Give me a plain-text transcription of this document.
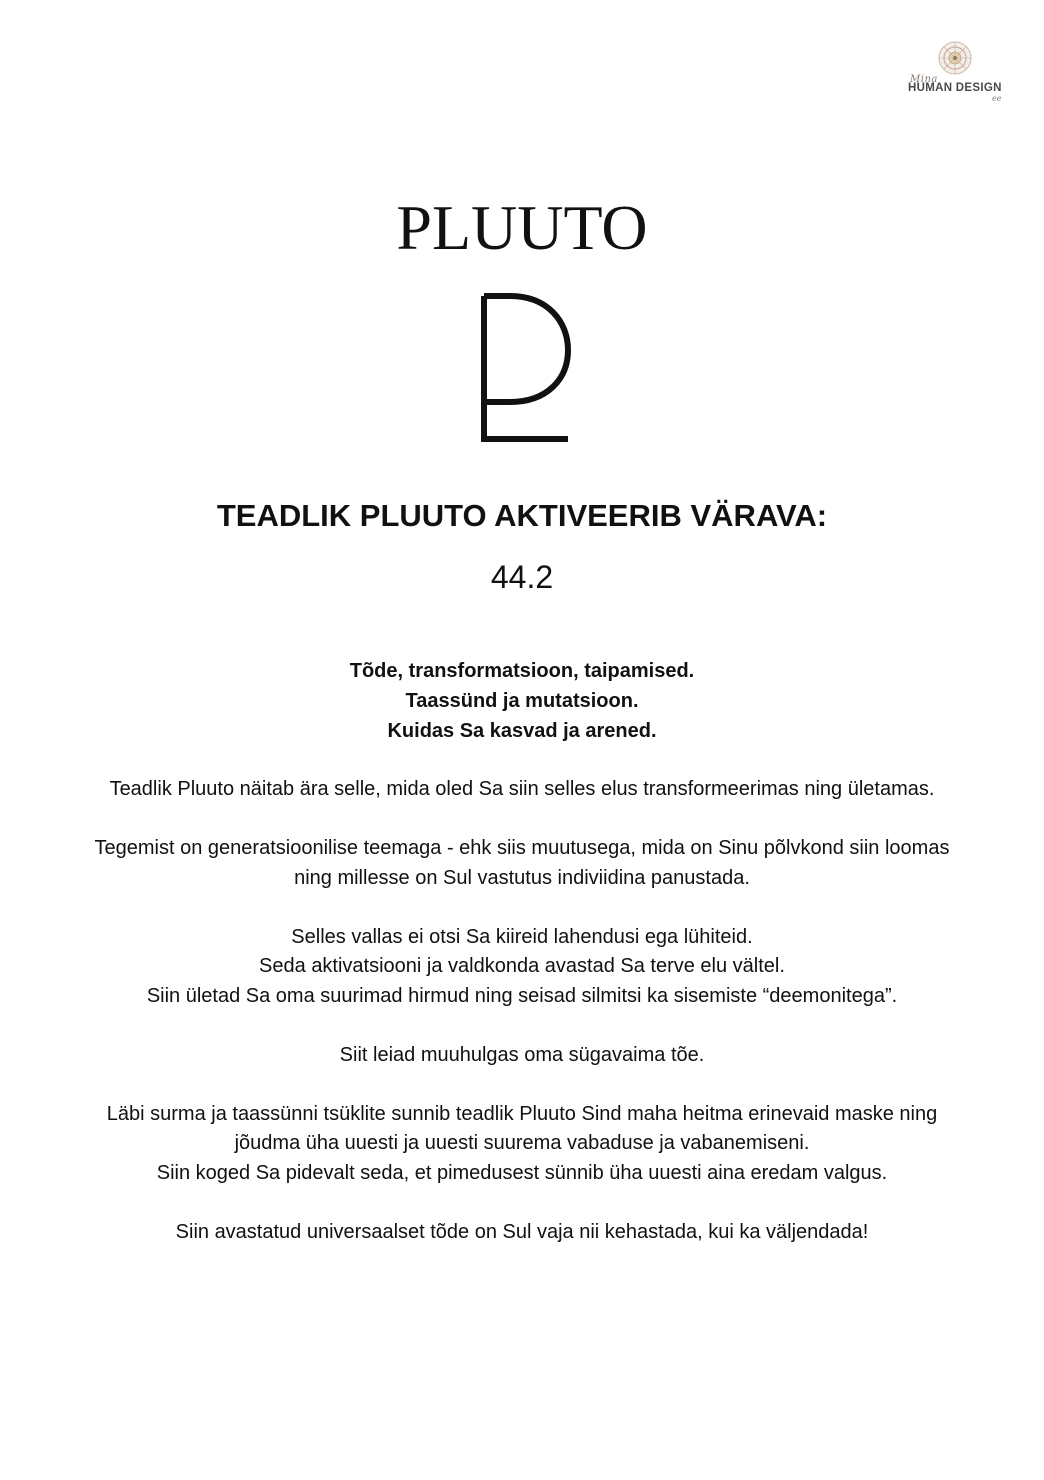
Mina
HUMAN DESIGN
ee
PLUUTO
TEADLIK PLUUTO AKTIVEERIB VÄRAVA:
44.2
Tõde, transformatsioon, taipamised.
Taassünd ja mutatsioon.
Kuidas Sa kasvad ja arened.

Teadlik Pluuto näitab ära selle, mida oled Sa siin selles elus transformeerimas ning ületamas.

Tegemist on generatsioonilise teemaga - ehk siis muutusega, mida on Sinu põlvkond siin loomas ning millesse on Sul vastutus indiviidina panustada.

Selles vallas ei otsi Sa kiireid lahendusi ega lühiteid.
Seda aktivatsiooni ja valdkonda avastad Sa terve elu vältel.
Siin ületad Sa oma suurimad hirmud ning seisad silmitsi ka sisemiste “deemonitega”.

Siit leiad muuhulgas oma sügavaima tõe.

Läbi surma ja taassünni tsüklite sunnib teadlik Pluuto Sind maha heitma erinevaid maske ning jõudma üha uuesti ja uuesti suurema vabaduse ja vabanemiseni.
Siin koged Sa pidevalt seda, et pimedusest sünnib üha uuesti aina eredam valgus.

Siin avastatud universaalset tõde on Sul vaja nii kehastada, kui ka väljendada!
